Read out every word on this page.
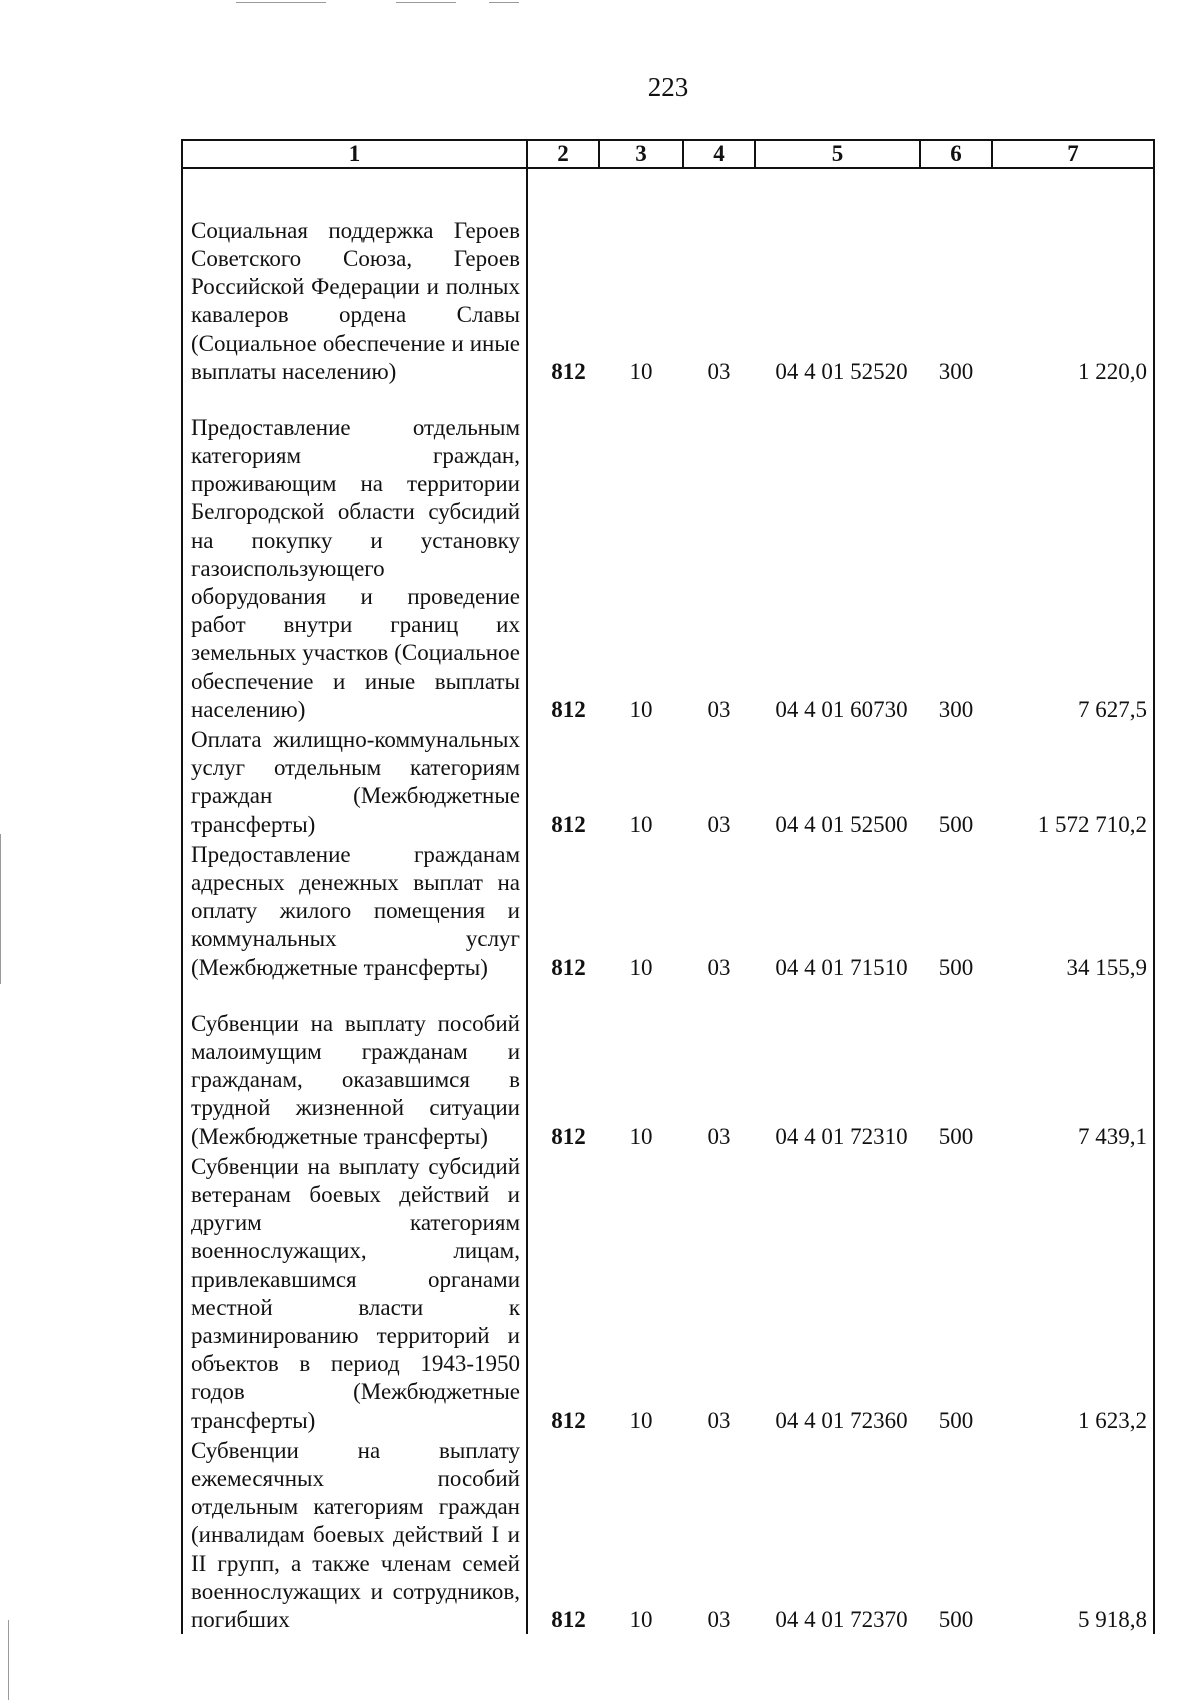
223
1	2	3	4	5	6	7
Социальная поддержка Героев Советского Союза, Героев Российской Федерации и полных кавалеров ордена Славы (Социальное обеспечение и иные выплаты населению)	812	10	03	04 4 01 52520	300	1 220,0
Предоставление отдельным категориям граждан, проживающим на территории Белгородской области субсидий на покупку и установку газоиспользующего оборудования и проведение работ внутри границ их земельных участков (Социальное обеспечение и иные выплаты населению)	812	10	03	04 4 01 60730	300	7 627,5
Оплата жилищно-коммунальных услуг отдельным категориям граждан (Межбюджетные трансферты)	812	10	03	04 4 01 52500	500	1 572 710,2
Предоставление гражданам адресных денежных выплат на оплату жилого помещения и коммунальных услуг (Межбюджетные трансферты)	812	10	03	04 4 01 71510	500	34 155,9
Субвенции на выплату пособий малоимущим гражданам и гражданам, оказавшимся в трудной жизненной ситуации (Межбюджетные трансферты)	812	10	03	04 4 01 72310	500	7 439,1
Субвенции на выплату субсидий ветеранам боевых действий и другим категориям военнослужащих, лицам, привлекавшимся органами местной власти к разминированию территорий и объектов в период 1943-1950 годов (Межбюджетные трансферты)	812	10	03	04 4 01 72360	500	1 623,2
Субвенции на выплату ежемесячных пособий отдельным категориям граждан (инвалидам боевых действий I и II групп, а также членам семей военнослужащих и сотрудников, погибших	812	10	03	04 4 01 72370	500	5 918,8
